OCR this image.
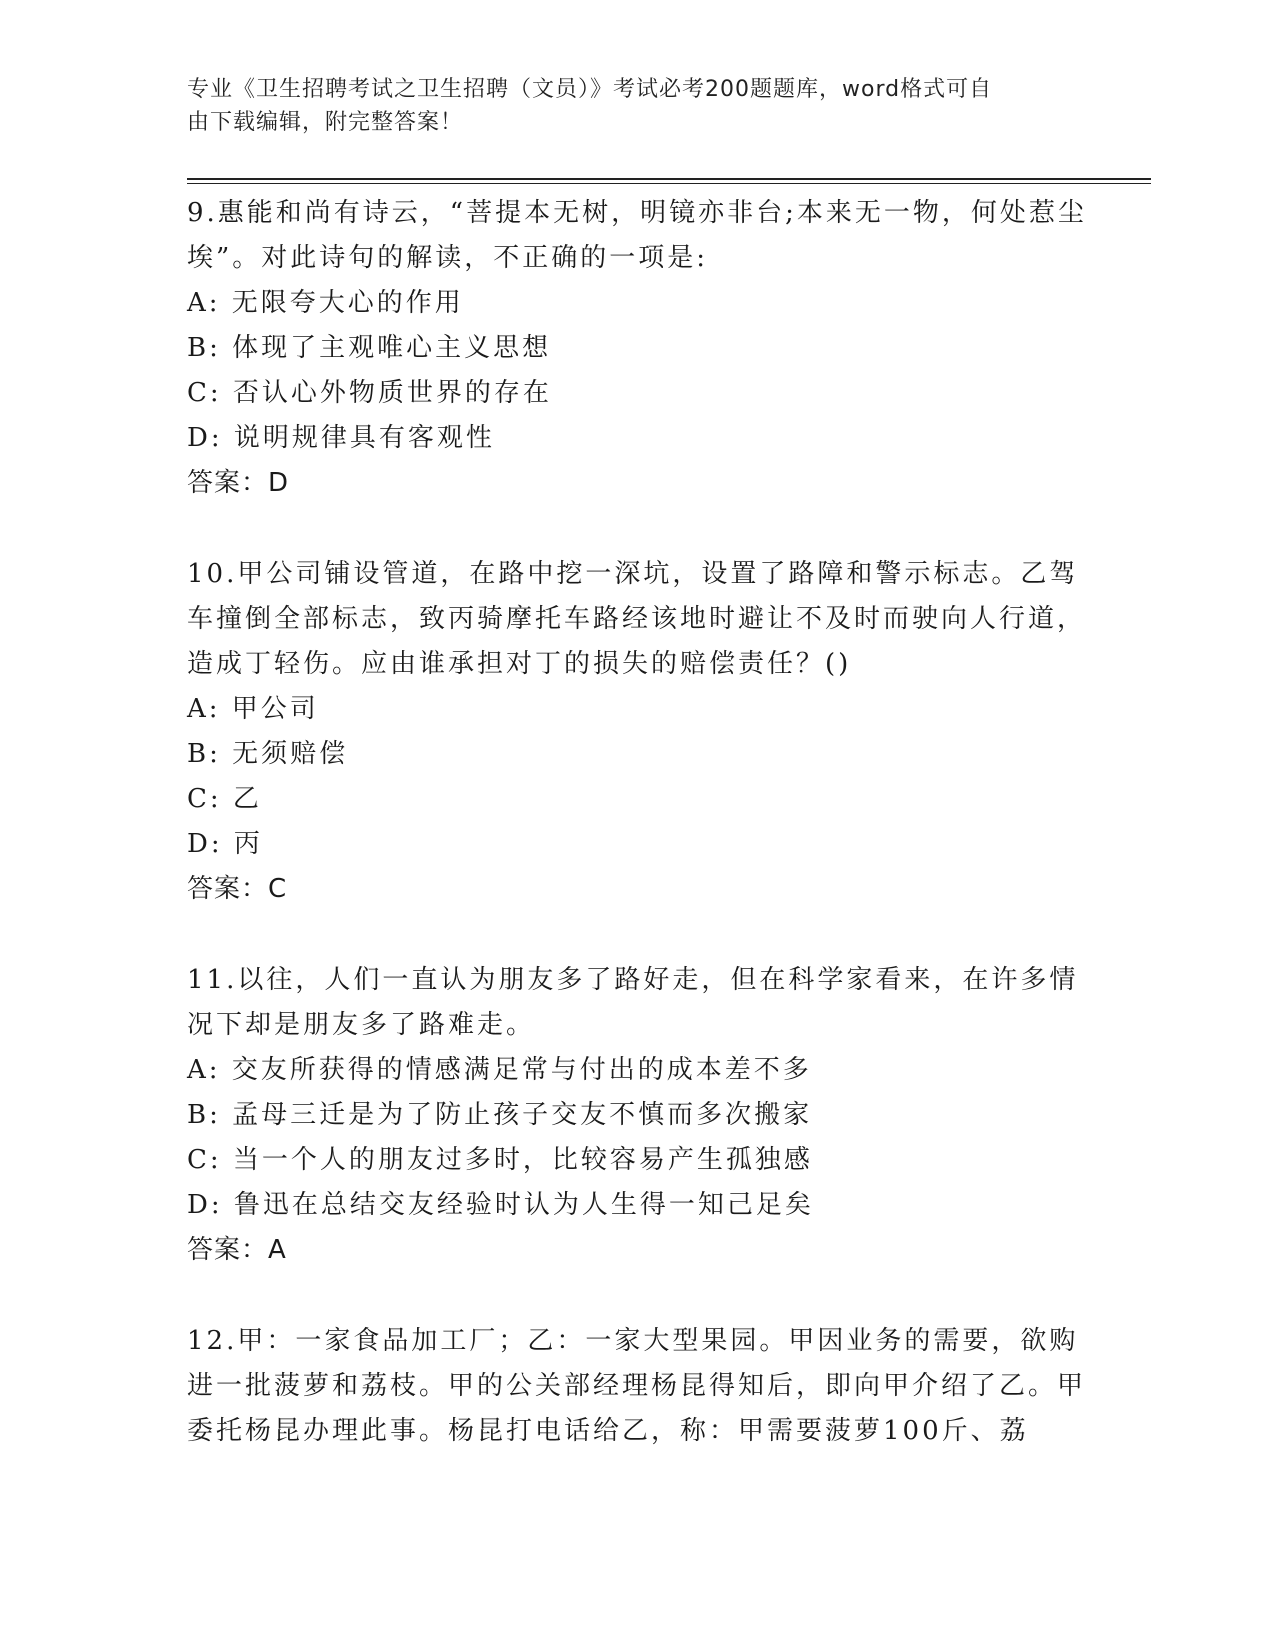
专业《卫生招聘考试之卫生招聘（文员）》考试必考200题题库，word格式可自
由下载编辑，附完整答案！

9.惠能和尚有诗云，“菩提本无树，明镜亦非台;本来无一物，何处惹尘埃”。对此诗句的解读，不正确的一项是:

A: 无限夸大心的作用
B: 体现了主观唯心主义思想
C: 否认心外物质世界的存在
D: 说明规律具有客观性
答案：D

10.甲公司铺设管道，在路中挖一深坑，设置了路障和警示标志。乙驾车撞倒全部标志，致丙骑摩托车路经该地时避让不及时而驶向人行道，造成丁轻伤。应由谁承担对丁的损失的赔偿责任？()

A: 甲公司
B: 无须赔偿
C: 乙
D: 丙
答案：C

11.以往，人们一直认为朋友多了路好走，但在科学家看来，在许多情况下却是朋友多了路难走。

A: 交友所获得的情感满足常与付出的成本差不多
B: 孟母三迁是为了防止孩子交友不慎而多次搬家
C: 当一个人的朋友过多时，比较容易产生孤独感
D: 鲁迅在总结交友经验时认为人生得一知己足矣
答案：A

12.甲：一家食品加工厂；乙：一家大型果园。甲因业务的需要，欲购进一批菠萝和荔枝。甲的公关部经理杨昆得知后，即向甲介绍了乙。甲委托杨昆办理此事。杨昆打电话给乙，称：甲需要菠萝100斤、荔
